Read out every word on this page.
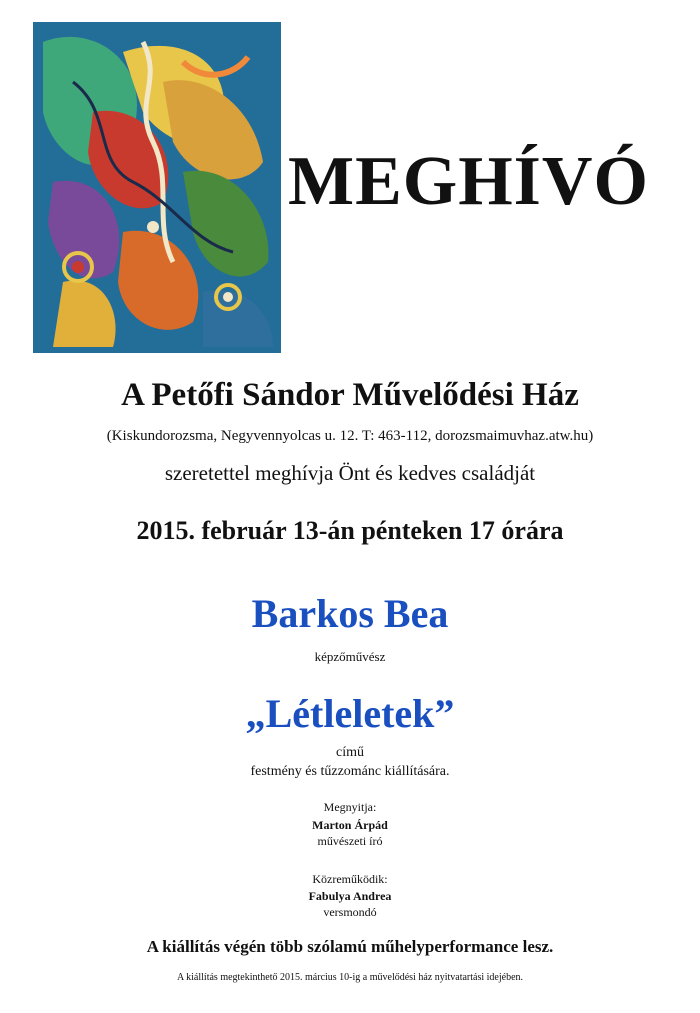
MEGHÍVÓ
A Petőfi Sándor Művelődési Ház
(Kiskundorozsma, Negyvennyolcas u. 12. T: 463-112, dorozsmaimuvhaz.atw.hu)
szeretettel meghívja Önt és kedves családját
2015. február 13-án pénteken 17 órára
Barkos Bea
képzőművész
„Létleletek”
című
festmény és tűzzománc kiállítására.
Megnyitja:
Marton Árpád
művészeti író
Közreműködik:
Fabulya Andrea
versmondó
A kiállítás végén több szólamú műhelyperformance lesz.
A kiállítás megtekinthető 2015. március 10-ig a művelődési ház nyitvatartási idejében.
